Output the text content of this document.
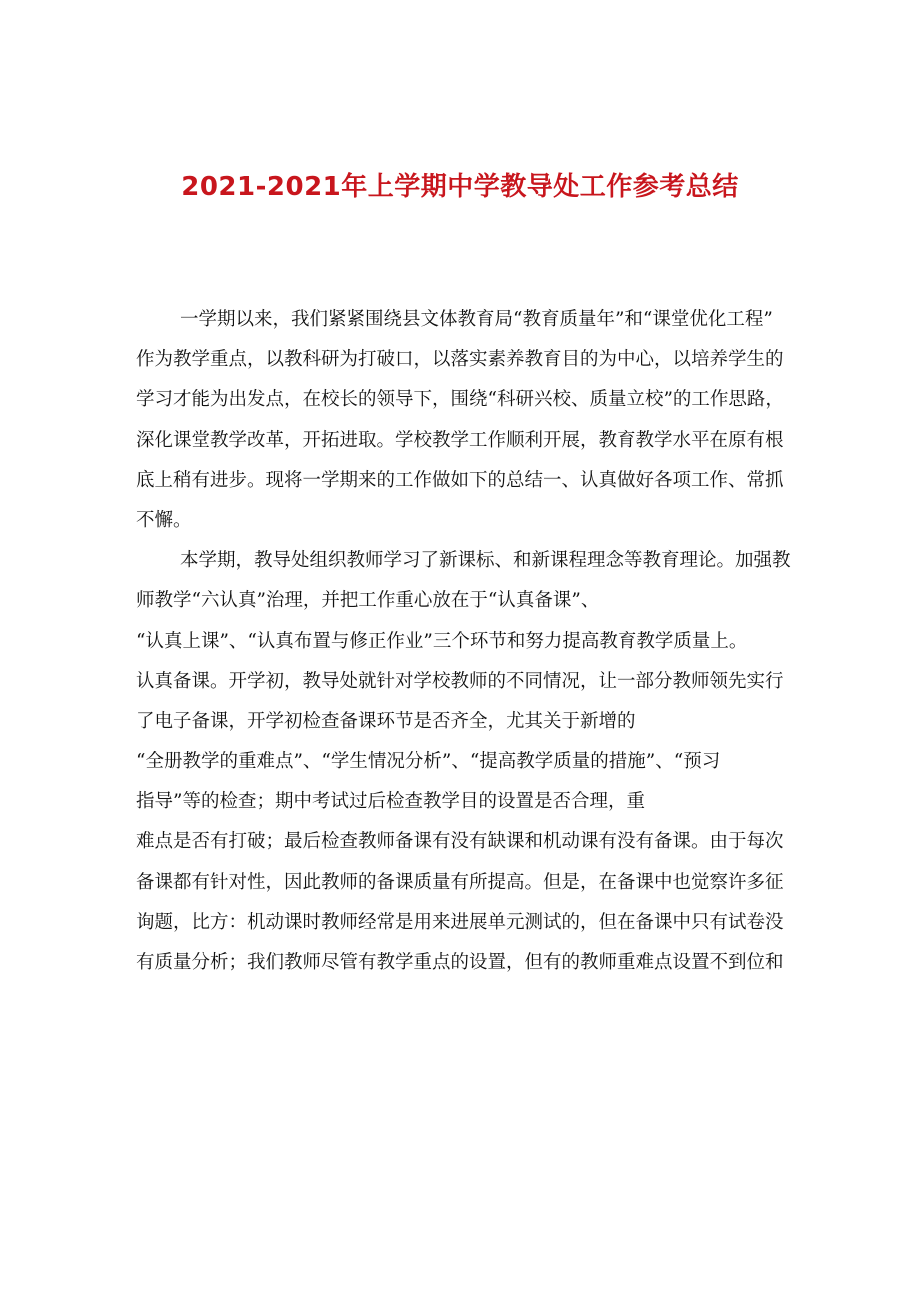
2021-2021年上学期中学教导处工作参考总结
一学期以来，我们紧紧围绕县文体教育局“教育质量年”和“课堂优化工程”
作为教学重点，以教科研为打破口，以落实素养教育目的为中心，以培养学生的
学习才能为出发点，在校长的领导下，围绕“科研兴校、质量立校”的工作思路，
深化课堂教学改革，开拓进取。学校教学工作顺利开展，教育教学水平在原有根
底上稍有进步。现将一学期来的工作做如下的总结一、认真做好各项工作、常抓
不懈。
本学期，教导处组织教师学习了新课标、和新课程理念等教育理论。加强教
师教学“六认真”治理，并把工作重心放在于“认真备课”、
“认真上课”、“认真布置与修正作业”三个环节和努力提高教育教学质量上。
认真备课。开学初，教导处就针对学校教师的不同情况，让一部分教师领先实行
了电子备课，开学初检查备课环节是否齐全，尤其关于新增的
“全册教学的重难点”、“学生情况分析”、“提高教学质量的措施”、“预习
指导”等的检查；期中考试过后检查教学目的设置是否合理，重
难点是否有打破；最后检查教师备课有没有缺课和机动课有没有备课。由于每次
备课都有针对性，因此教师的备课质量有所提高。但是，在备课中也觉察许多征
询题，比方：机动课时教师经常是用来进展单元测试的，但在备课中只有试卷没
有质量分析；我们教师尽管有教学重点的设置，但有的教师重难点设置不到位和
